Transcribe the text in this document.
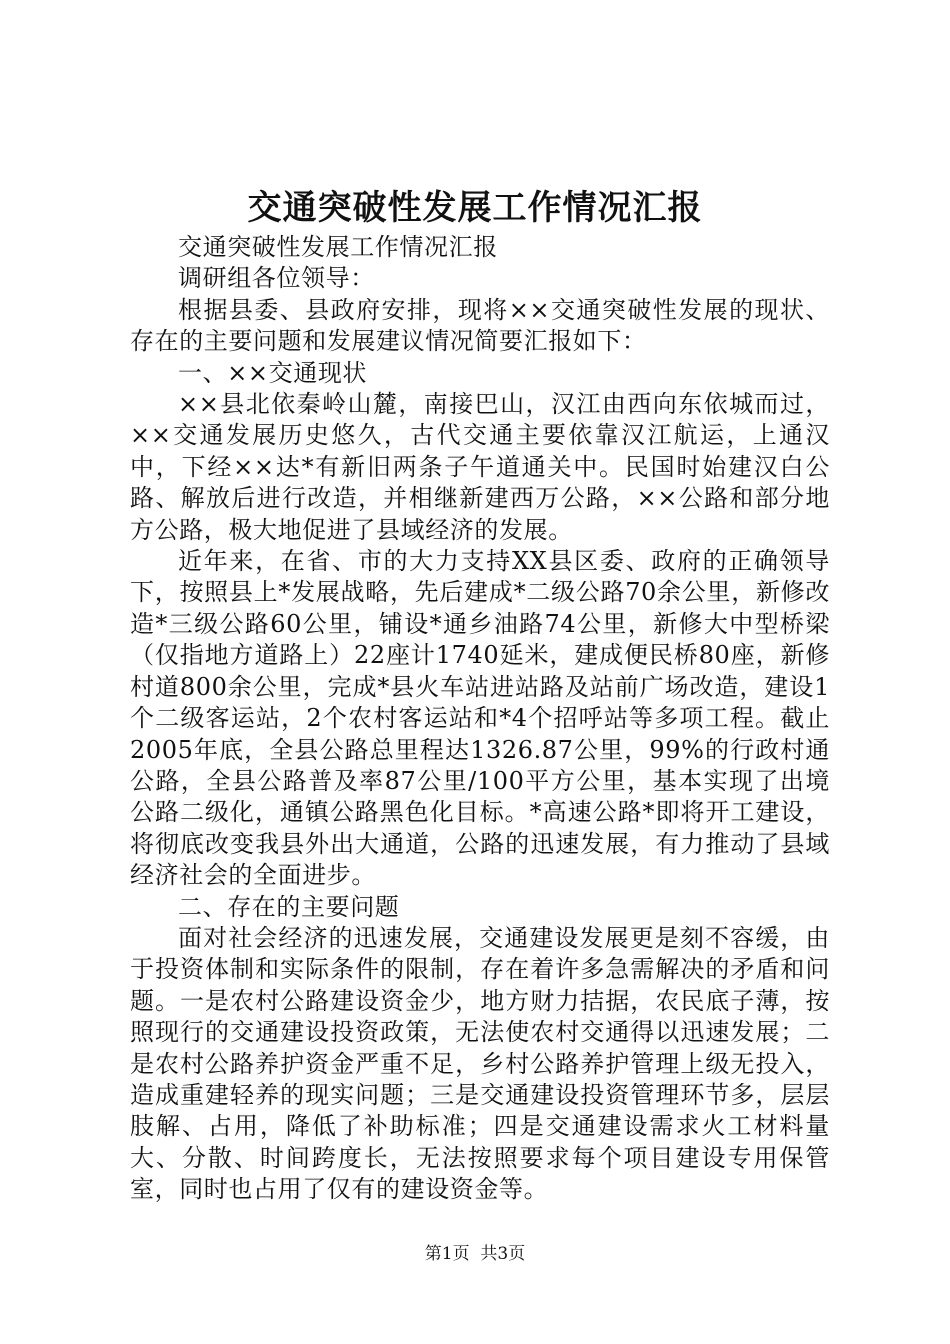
交通突破性发展工作情况汇报

交通突破性发展工作情况汇报

调研组各位领导：

根据县委、县政府安排，现将××交通突破性发展的现状、存在的主要问题和发展建议情况简要汇报如下：

一、××交通现状

××县北依秦岭山麓，南接巴山，汉江由西向东依城而过，××交通发展历史悠久，古代交通主要依靠汉江航运，上通汉中，下经××达*有新旧两条子午道通关中。民国时始建汉白公路、解放后进行改造，并相继新建西万公路，××公路和部分地方公路，极大地促进了县域经济的发展。

近年来，在省、市的大力支持XX县区委、政府的正确领导下，按照县上*发展战略，先后建成*二级公路70余公里，新修改造*三级公路60公里，铺设*通乡油路74公里，新修大中型桥梁（仅指地方道路上）22座计1740延米，建成便民桥80座，新修村道800余公里，完成*县火车站进站路及站前广场改造，建设1个二级客运站，2个农村客运站和*4个招呼站等多项工程。截止2005年底，全县公路总里程达1326.87公里，99%的行政村通公路，全县公路普及率87公里/100平方公里，基本实现了出境公路二级化，通镇公路黑色化目标。*高速公路*即将开工建设，将彻底改变我县外出大通道，公路的迅速发展，有力推动了县域经济社会的全面进步。

二、存在的主要问题

面对社会经济的迅速发展，交通建设发展更是刻不容缓，由于投资体制和实际条件的限制，存在着许多急需解决的矛盾和问题。一是农村公路建设资金少，地方财力拮据，农民底子薄，按照现行的交通建设投资政策，无法使农村交通得以迅速发展；二是农村公路养护资金严重不足，乡村公路养护管理上级无投入，造成重建轻养的现实问题；三是交通建设投资管理环节多，层层肢解、占用，降低了补助标准；四是交通建设需求火工材料量大、分散、时间跨度长，无法按照要求每个项目建设专用保管室，同时也占用了仅有的建设资金等。

第1页 共3页
